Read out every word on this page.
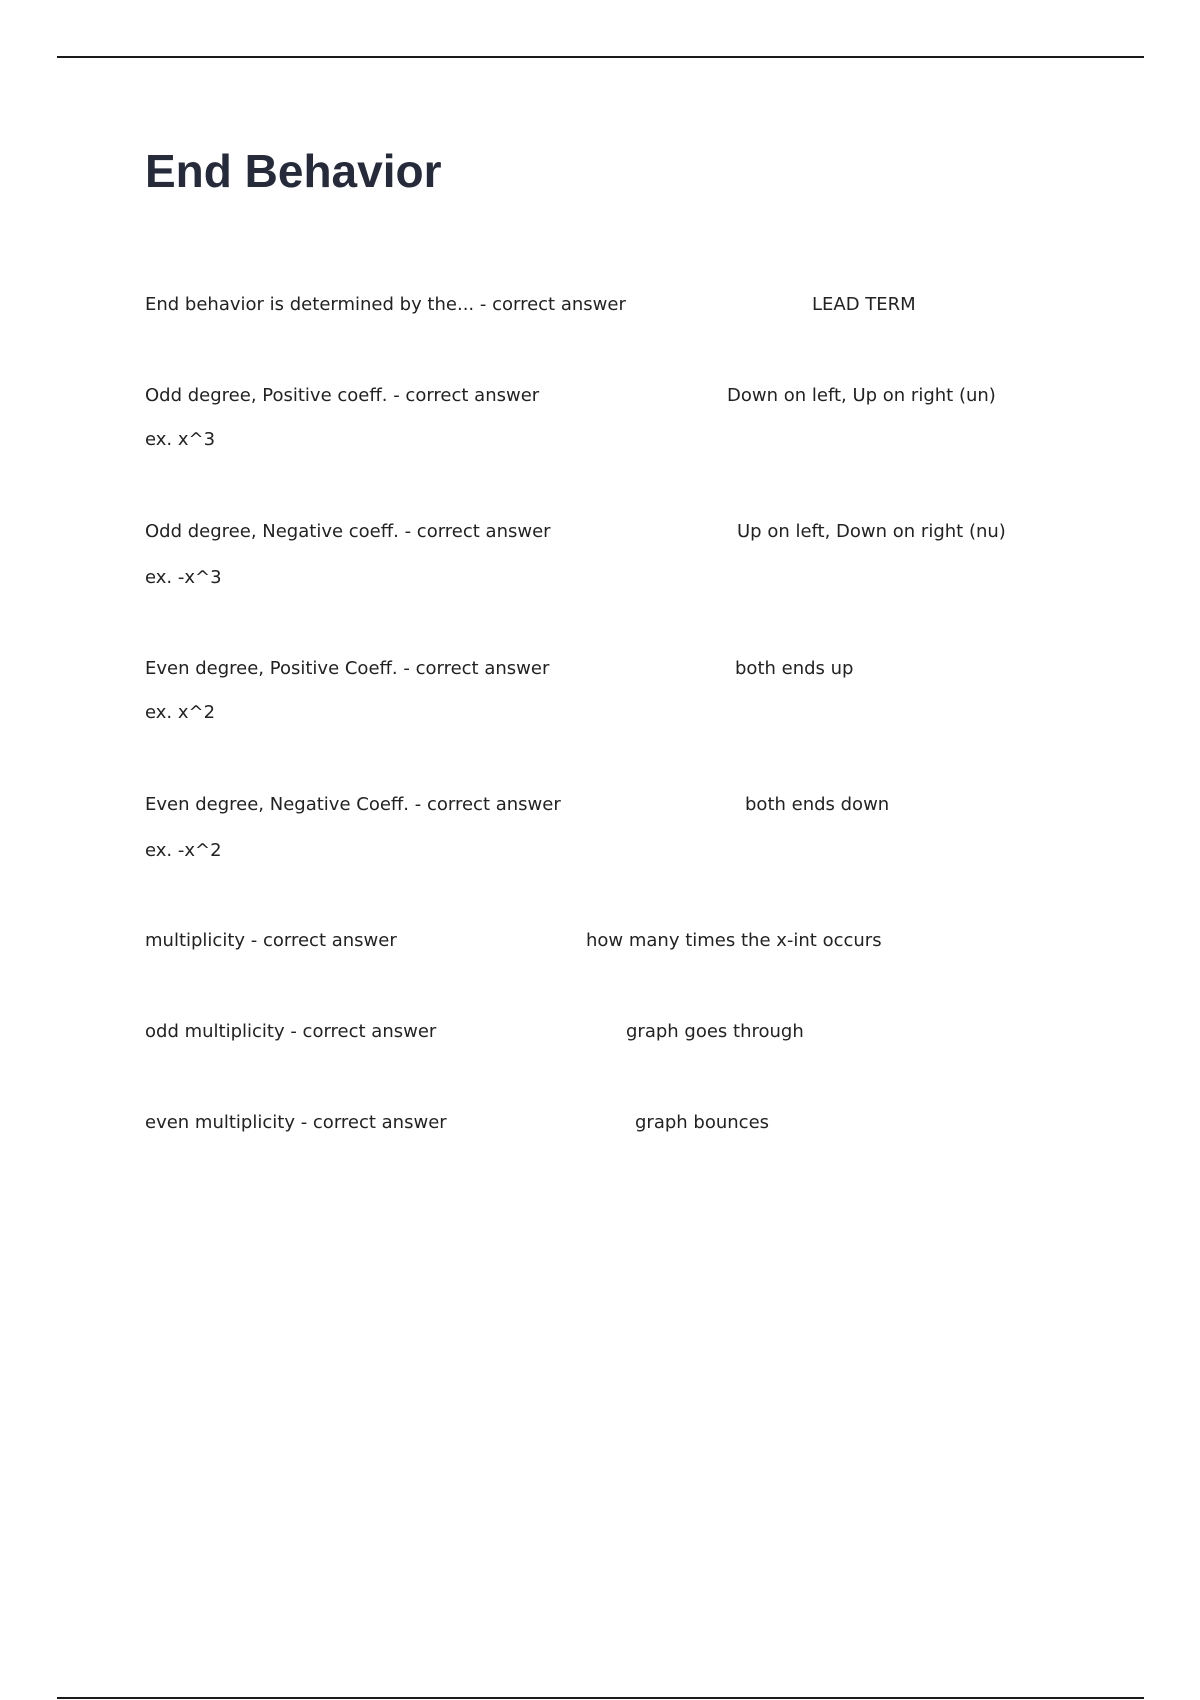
End Behavior
End behavior is determined by the... - correct answer	LEAD TERM
Odd degree, Positive coeff. - correct answer	Down on left, Up on right (un)
ex. x^3
Odd degree, Negative coeff. - correct answer	Up on left, Down on right (nu)
ex. -x^3
Even degree, Positive Coeff. - correct answer	both ends up
ex. x^2
Even degree, Negative Coeff. - correct answer	both ends down
ex. -x^2
multiplicity - correct answer	how many times the x-int occurs
odd multiplicity - correct answer	graph goes through
even multiplicity - correct answer	graph bounces
